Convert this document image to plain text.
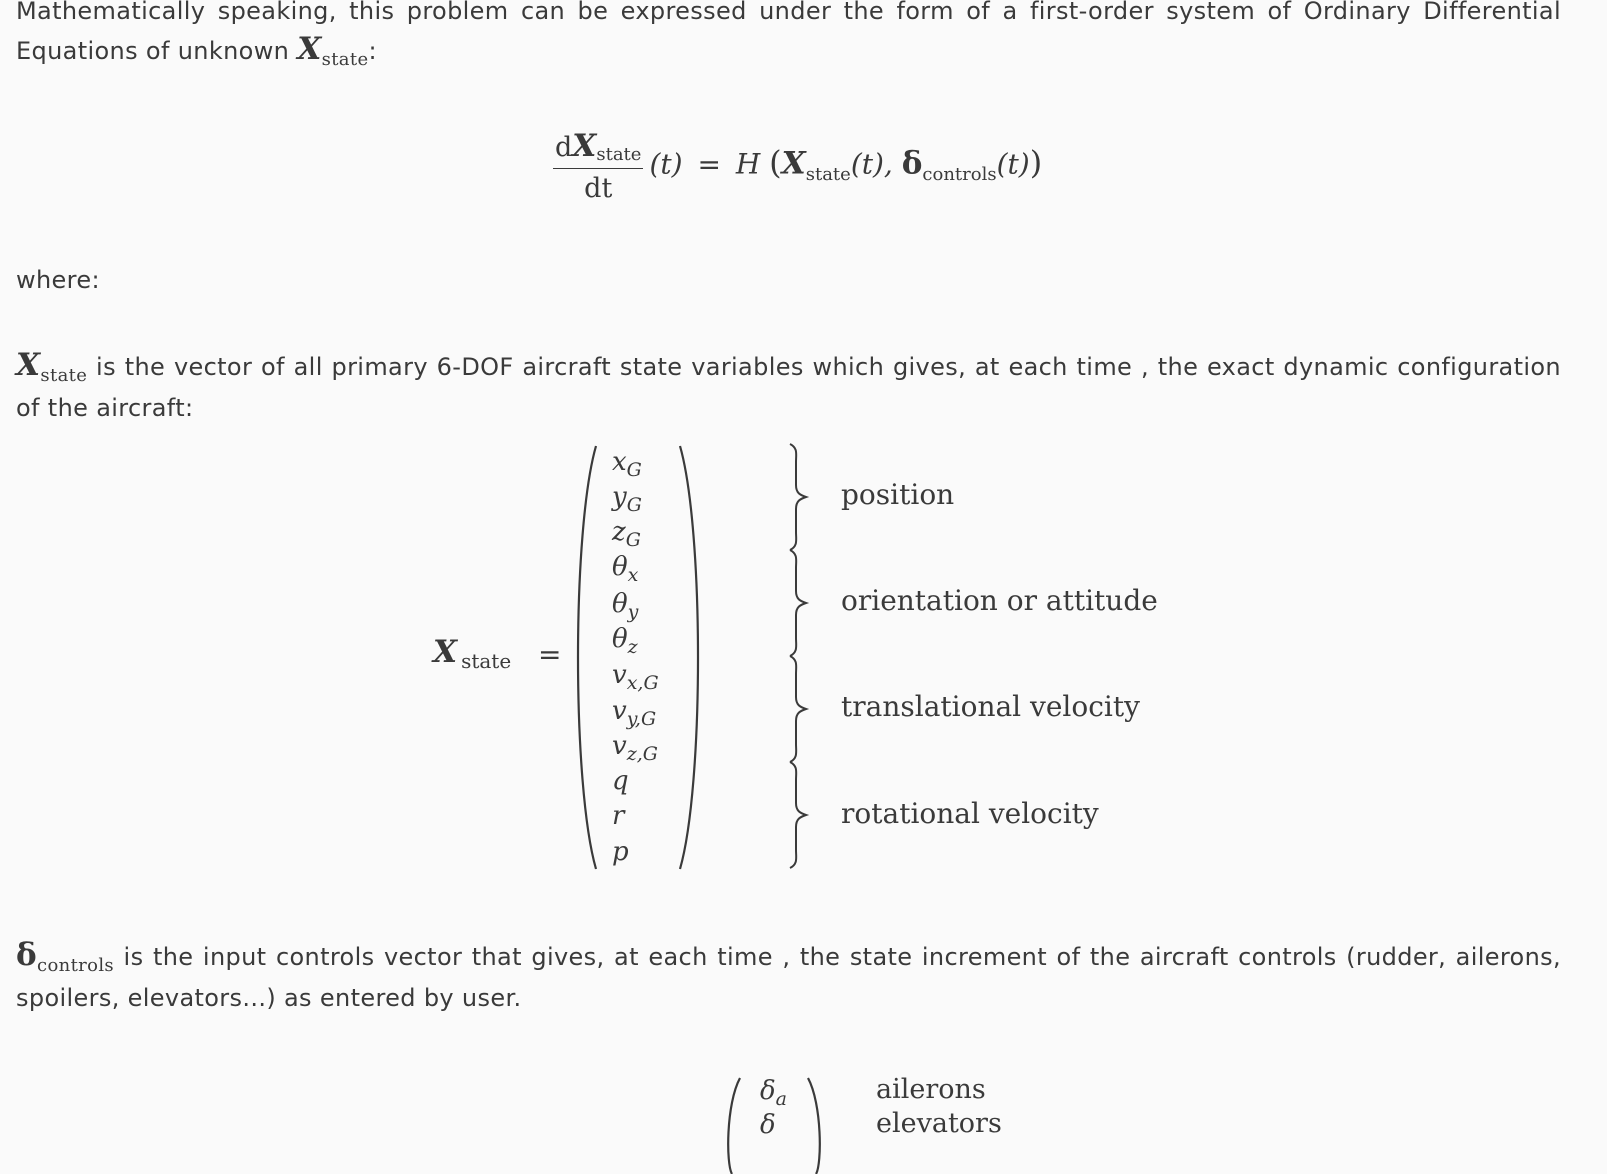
Mathematically speaking, this problem can be expressed under the form of a first-order system of Ordinary Differential Equations of unknown $X_{state}$:

$\frac{\text{dXstate}}{dt} (t) = H$ ($X_{state}(t)$, $\delta_{controls}(t)$)

where:

$X_{state}$ is the vector of all primary 6-DOF aircraft state variables which gives, at each time , the exact dynamic configuration of the aircraft:

Xstate =
$x_G$
$y_G$
$z_G$
$\theta_x$
$\theta_y$
$\theta_z$
$v_{x,G}$
$v_{y,G}$
$v_{z,G}$
q
r
p
position
orientation or attitude
translational velocity
rotational velocity

$\delta_{controls}$ is the input controls vector that gives, at each time , the state increment of the aircraft controls (rudder, ailerons, spoilers, elevators...) as entered by user.

$\delta_a$	ailerons
δ	elevators
